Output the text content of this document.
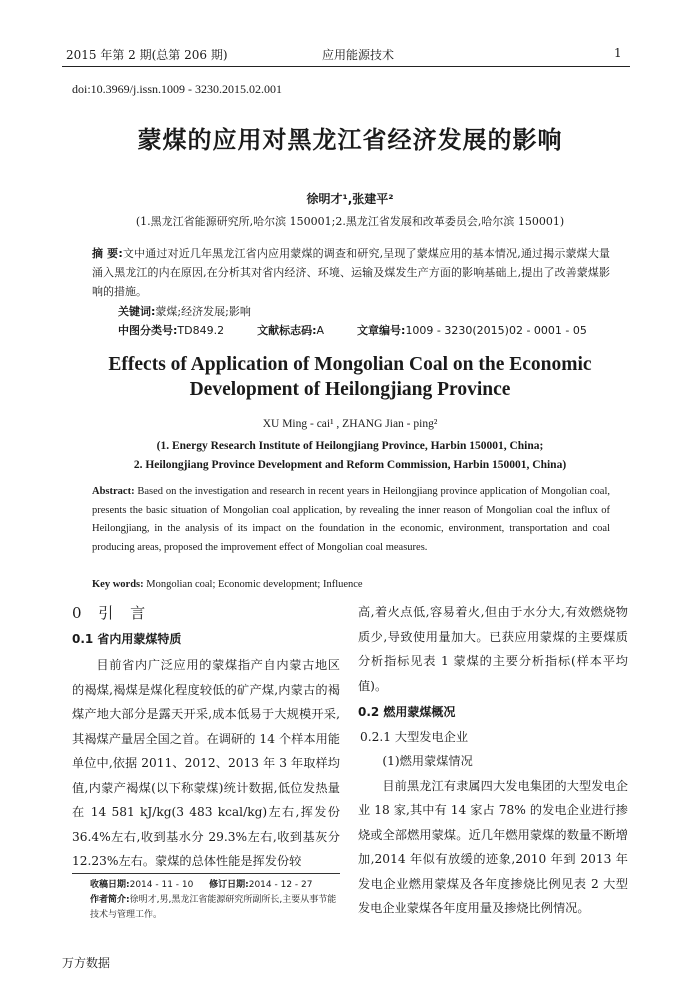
2015 年第 2 期(总第 206 期)	应用能源技术	1
doi:10.3969/j.issn.1009 - 3230.2015.02.001
蒙煤的应用对黑龙江省经济发展的影响
徐明才¹,张建平²
(1.黑龙江省能源研究所,哈尔滨 150001;2.黑龙江省发展和改革委员会,哈尔滨 150001)
摘 要:文中通过对近几年黑龙江省内应用蒙煤的调查和研究,呈现了蒙煤应用的基本情况,通过揭示蒙煤大量涌入黑龙江的内在原因,在分析其对省内经济、环境、运输及煤发生产方面的影响基础上,提出了改善蒙煤影响的措施。
关键词:蒙煤;经济发展;影响
中图分类号:TD849.2	文献标志码:A	文章编号:1009 - 3230(2015)02 - 0001 - 05
Effects of Application of Mongolian Coal on the Economic
Development of Heilongjiang Province
XU Ming - cai¹ , ZHANG Jian - ping²
(1. Energy Research Institute of Heilongjiang Province, Harbin 150001, China;
2. Heilongjiang Province Development and Reform Commission, Harbin 150001, China)
Abstract: Based on the investigation and research in recent years in Heilongjiang province application of Mongolian coal, presents the basic situation of Mongolian coal application, by revealing the inner reason of Mongolian coal the influx of Heilongjiang, in the analysis of its impact on the foundation in the economic, environment, transportation and coal producing areas, proposed the improvement effect of Mongolian coal measures.
Key words: Mongolian coal; Economic development; Influence
0 引 言
0.1 省内用蒙煤特质

目前省内广泛应用的蒙煤指产自内蒙古地区的褐煤,褐煤是煤化程度较低的矿产煤,内蒙古的褐煤产地大部分是露天开采,成本低易于大规模开采,其褐煤产量居全国之首。在调研的 14 个样本用能单位中,依据 2011、2012、2013 年 3 年取样均值,内蒙产褐煤(以下称蒙煤)统计数据,低位发热量在 14 581 kJ/kg(3 483 kcal/kg)左右,挥发份36.4%左右,收到基水分 29.3%左右,收到基灰分 12.23%左右。蒙煤的总体性能是挥发份较

高,着火点低,容易着火,但由于水分大,有效燃烧物质少,导致使用量加大。已获应用蒙煤的主要煤质分析指标见表 1 蒙煤的主要分析指标(样本平均值)。

0.2 燃用蒙煤概况

0.2.1 大型发电企业

(1)燃用蒙煤情况

目前黑龙江有隶属四大发电集团的大型发电企业 18 家,其中有 14 家占 78% 的发电企业进行掺烧或全部燃用蒙煤。近几年燃用蒙煤的数量不断增加,2014 年似有放缓的迹象,2010 年到 2013 年发电企业燃用蒙煤及各年度掺烧比例见表 2 大型发电企业蒙煤各年度用量及掺烧比例情况。

收稿日期:2014 - 11 - 10 修订日期:2014 - 12 - 27
作者简介:徐明才,男,黑龙江省能源研究所副所长,主要从事节能技术与管理工作。
万方数据
